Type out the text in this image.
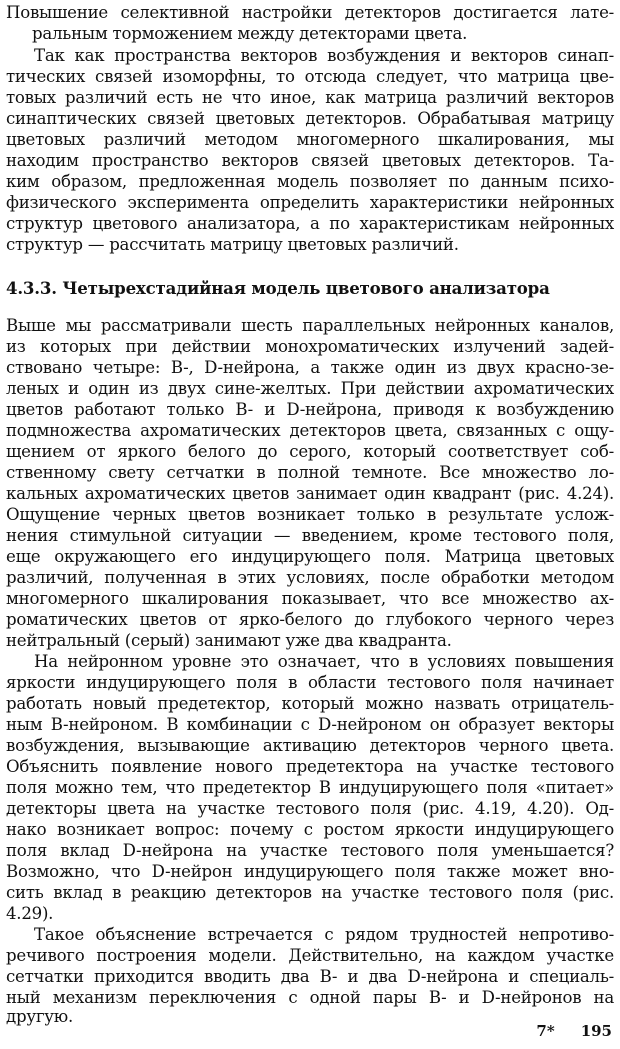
Повышение селективной настройки детекторов достигается лате-
ральным торможением между детекторами цвета.
Так как пространства векторов возбуждения и векторов синап-
тических связей изоморфны, то отсюда следует, что матрица цве-
товых различий есть не что иное, как матрица различий векторов
синаптических связей цветовых детекторов. Обрабатывая матрицу
цветовых различий методом многомерного шкалирования, мы
находим пространство векторов связей цветовых детекторов. Та-
ким образом, предложенная модель позволяет по данным психо-
физического эксперимента определить характеристики нейронных
структур цветового анализатора, а по характеристикам нейронных
структур — рассчитать матрицу цветовых различий.
4.3.3. Четырехстадийная модель цветового анализатора
Выше мы рассматривали шесть параллельных нейронных каналов,
из которых при действии монохроматических излучений задей-
ствовано четыре: B-, D-нейрона, а также один из двух красно-зе-
леных и один из двух сине-желтых. При действии ахроматических
цветов работают только B- и D-нейрона, приводя к возбуждению
подмножества ахроматических детекторов цвета, связанных с ощу-
щением от яркого белого до серого, который соответствует соб-
ственному свету сетчатки в полной темноте. Все множество ло-
кальных ахроматических цветов занимает один квадрант (рис. 4.24).
Ощущение черных цветов возникает только в результате услож-
нения стимульной ситуации — введением, кроме тестового поля,
еще окружающего его индуцирующего поля. Матрица цветовых
различий, полученная в этих условиях, после обработки методом
многомерного шкалирования показывает, что все множество ах-
роматических цветов от ярко-белого до глубокого черного через
нейтральный (серый) занимают уже два квадранта.
На нейронном уровне это означает, что в условиях повышения
яркости индуцирующего поля в области тестового поля начинает
работать новый предетектор, который можно назвать отрицатель-
ным B-нейроном. В комбинации с D-нейроном он образует векторы
возбуждения, вызывающие активацию детекторов черного цвета.
Объяснить появление нового предетектора на участке тестового
поля можно тем, что предетектор B индуцирующего поля «питает»
детекторы цвета на участке тестового поля (рис. 4.19, 4.20). Од-
нако возникает вопрос: почему с ростом яркости индуцирующего
поля вклад D-нейрона на участке тестового поля уменьшается?
Возможно, что D-нейрон индуцирующего поля также может вно-
сить вклад в реакцию детекторов на участке тестового поля (рис.
4.29).
Такое объяснение встречается с рядом трудностей непротиво-
речивого построения модели. Действительно, на каждом участке
сетчатки приходится вводить два B- и два D-нейрона и специаль-
ный механизм переключения с одной пары B- и D-нейронов на
другую.
7* 195
